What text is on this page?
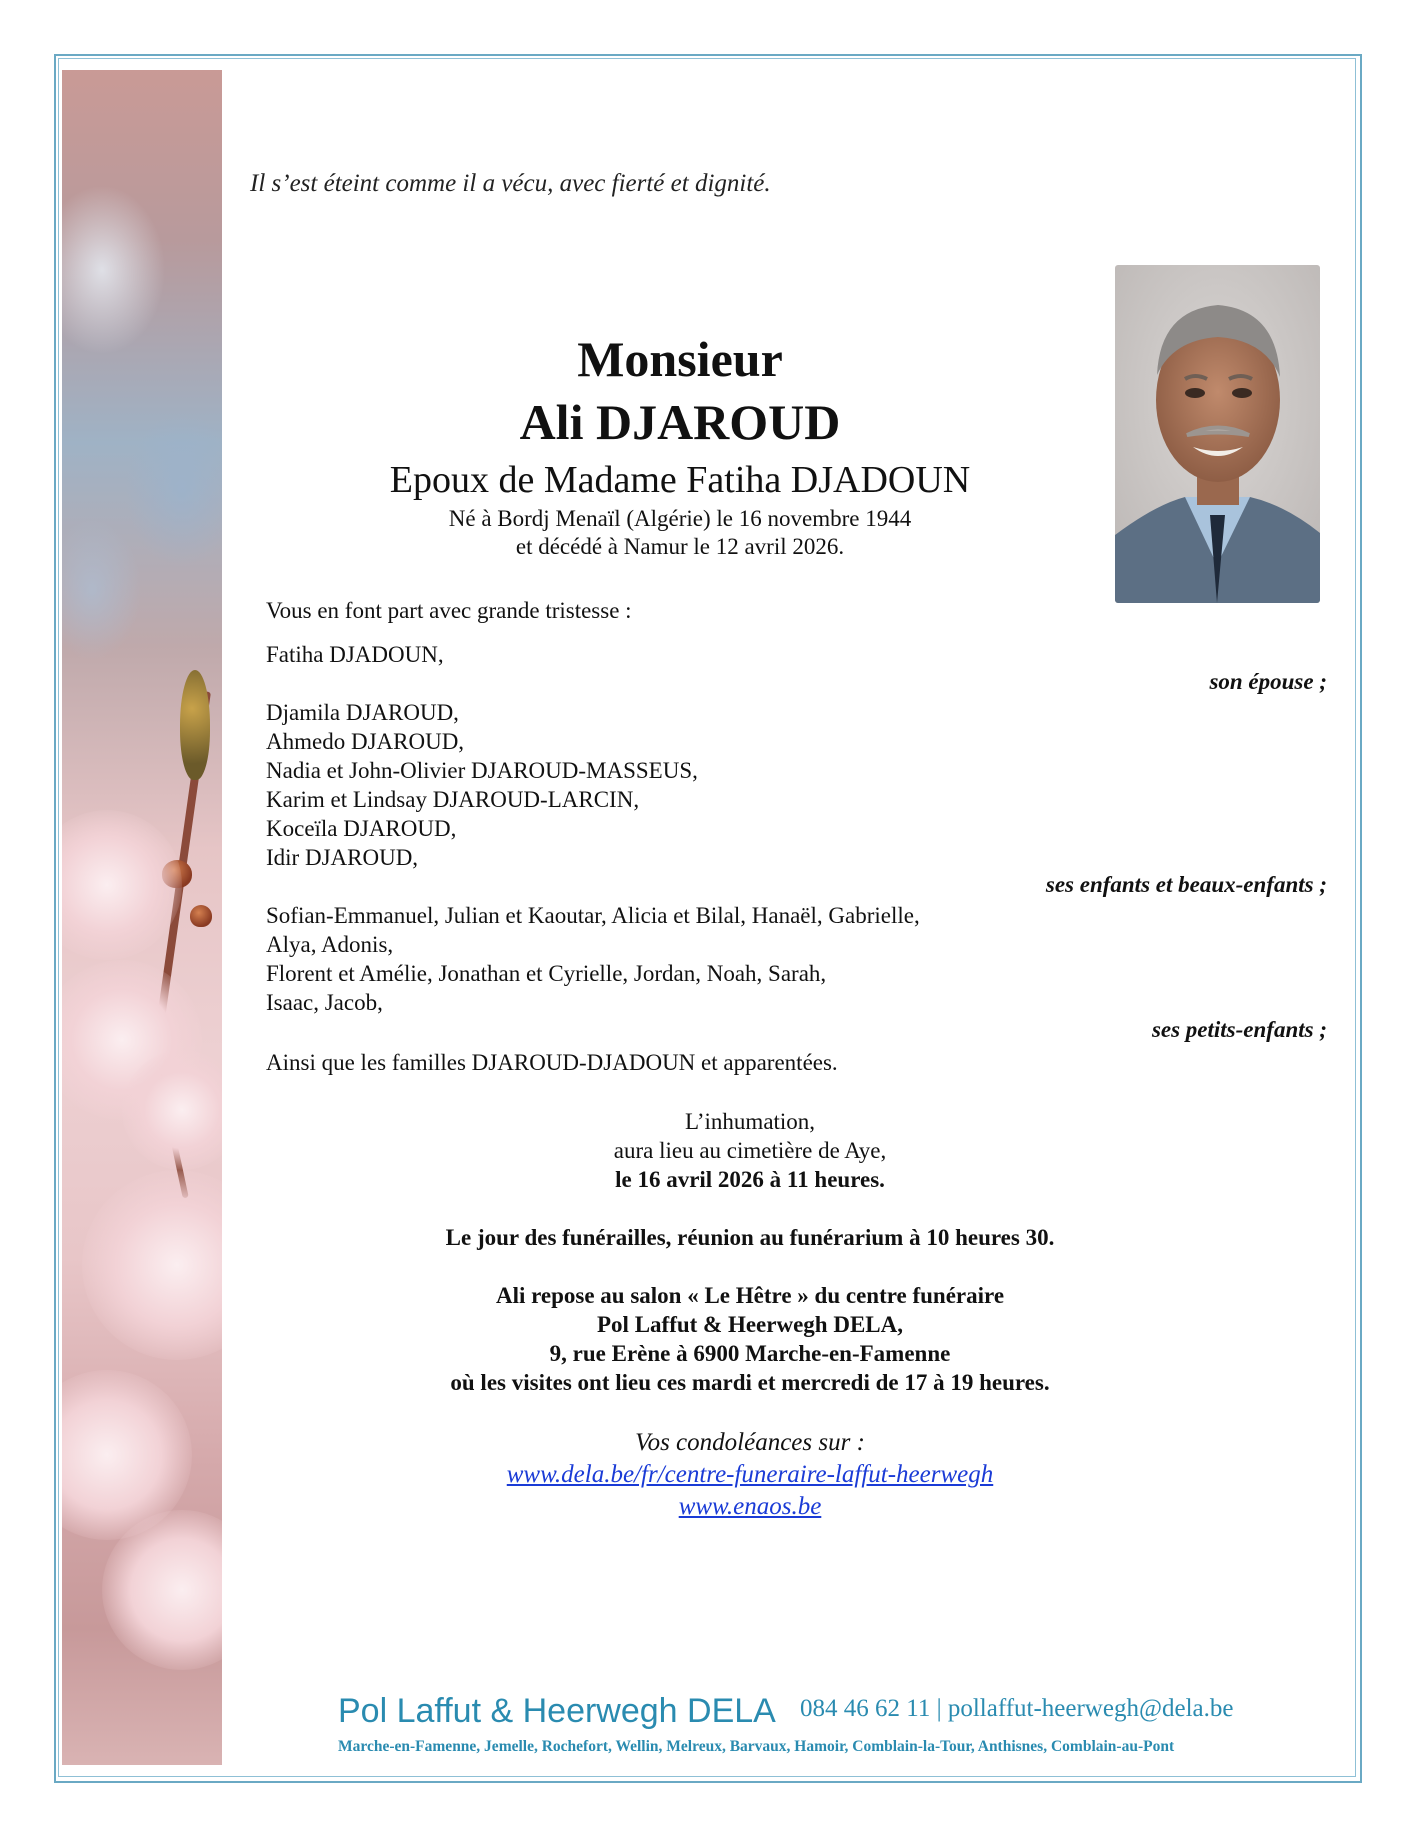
Il s’est éteint comme il a vécu, avec fierté et dignité.
Monsieur
Ali DJAROUD
Epoux de Madame Fatiha DJADOUN
Né à Bordj Menaïl (Algérie) le 16 novembre 1944
et décédé à Namur le 12 avril 2026.
Vous en font part avec grande tristesse :
Fatiha DJADOUN,
son épouse ;
Djamila DJAROUD,
Ahmedo DJAROUD,
Nadia et John-Olivier DJAROUD-MASSEUS,
Karim et Lindsay DJAROUD-LARCIN,
Koceïla DJAROUD,
Idir DJAROUD,
ses enfants et beaux-enfants ;
Sofian-Emmanuel, Julian et Kaoutar, Alicia et Bilal, Hanaël, Gabrielle,
Alya, Adonis,
Florent et Amélie, Jonathan et Cyrielle, Jordan, Noah, Sarah,
Isaac, Jacob,
ses petits-enfants ;
Ainsi que les familles DJAROUD-DJADOUN et apparentées.
L’inhumation,
aura lieu au cimetière de Aye,
le 16 avril 2026 à 11 heures.
Le jour des funérailles, réunion au funérarium à 10 heures 30.
Ali repose au salon « Le Hêtre » du centre funéraire
Pol Laffut & Heerwegh DELA,
9, rue Erène à 6900 Marche-en-Famenne
où les visites ont lieu ces mardi et mercredi de 17 à 19 heures.
Vos condoléances sur :
www.dela.be/fr/centre-funeraire-laffut-heerwegh
www.enaos.be
Pol Laffut & Heerwegh DELA 084 46 62 11 | pollaffut-heerwegh@dela.be
Marche-en-Famenne, Jemelle, Rochefort, Wellin, Melreux, Barvaux, Hamoir, Comblain-la-Tour, Anthisnes, Comblain-au-Pont
